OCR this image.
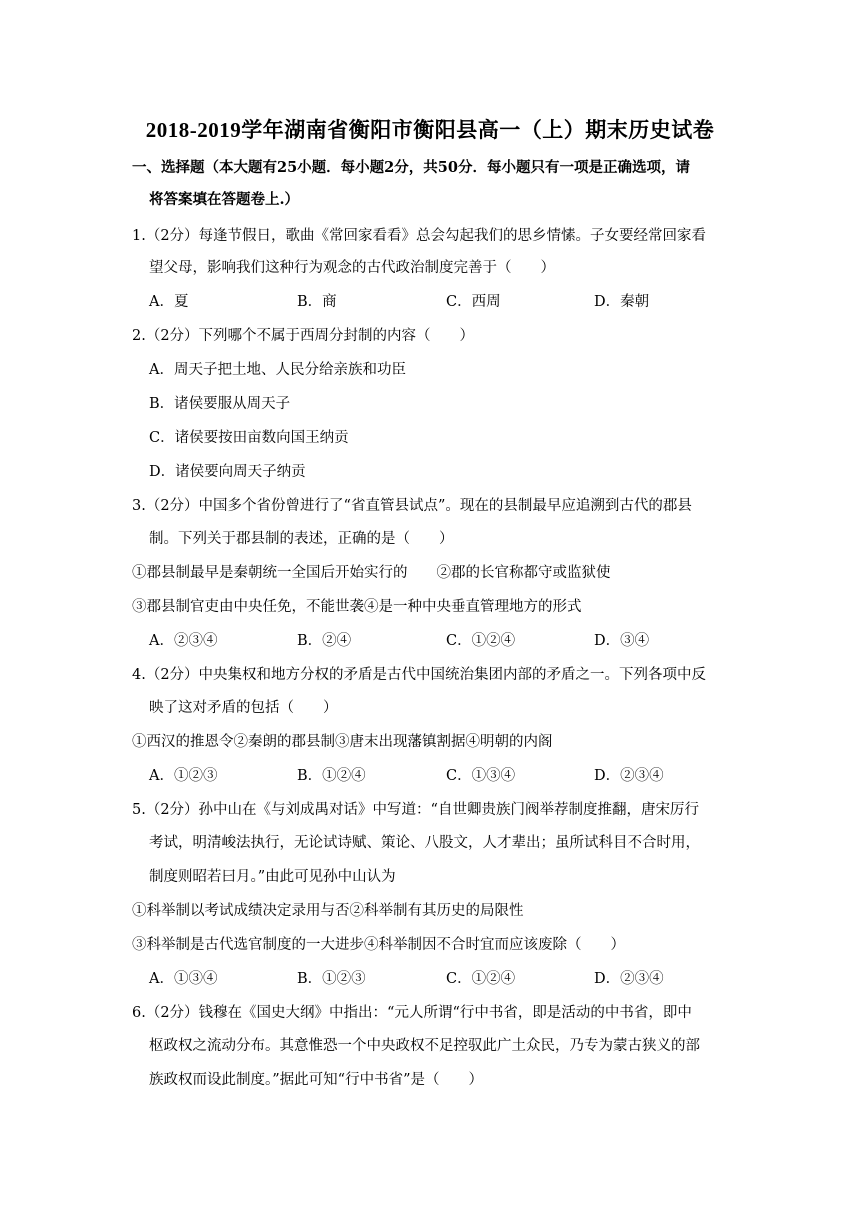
2018-2019学年湖南省衡阳市衡阳县高一（上）期末历史试卷
一、选择题（本大题有25小题．每小题2分，共50分．每小题只有一项是正确选项，请
将答案填在答题卷上.）
1.（2分）每逢节假日，歌曲《常回家看看》总会勾起我们的思乡情愫。子女要经常回家看
望父母，影响我们这种行为观念的古代政治制度完善于（　　）
A．夏	B．商	C．西周	D．秦朝
2.（2分）下列哪个不属于西周分封制的内容（　　）
A．周天子把土地、人民分给亲族和功臣
B．诸侯要服从周天子
C．诸侯要按田亩数向国王纳贡
D．诸侯要向周天子纳贡
3.（2分）中国多个省份曾进行了“省直管县试点”。现在的县制最早应追溯到古代的郡县
制。下列关于郡县制的表述，正确的是（　　）
①郡县制最早是秦朝统一全国后开始实行的　　②郡的长官称都守或监狱使
③郡县制官吏由中央任免，不能世袭④是一种中央垂直管理地方的形式
A．②③④	B．②④	C．①②④	D．③④
4.（2分）中央集权和地方分权的矛盾是古代中国统治集团内部的矛盾之一。下列各项中反
映了这对矛盾的包括（　　）
①西汉的推恩令②秦朗的郡县制③唐末出现藩镇割据④明朝的内阁
A．①②③	B．①②④	C．①③④	D．②③④
5.（2分）孙中山在《与刘成禺对话》中写道：“自世卿贵族门阀举荐制度推翻，唐宋厉行
考试，明清峻法执行，无论试诗赋、策论、八股文，人才辈出；虽所试科目不合时用，
制度则昭若曰月。”由此可见孙中山认为
①科举制以考试成绩决定录用与否②科举制有其历史的局限性
③科举制是古代选官制度的一大进步④科举制因不合时宜而应该废除（　　）
A．①③④	B．①②③	C．①②④	D．②③④
6.（2分）钱穆在《国史大纲》中指出：“元人所谓“行中书省，即是活动的中书省，即中
枢政权之流动分布。其意惟恐一个中央政权不足控驭此广土众民，乃专为蒙古狭义的部
族政权而设此制度。”据此可知“行中书省”是（　　）
